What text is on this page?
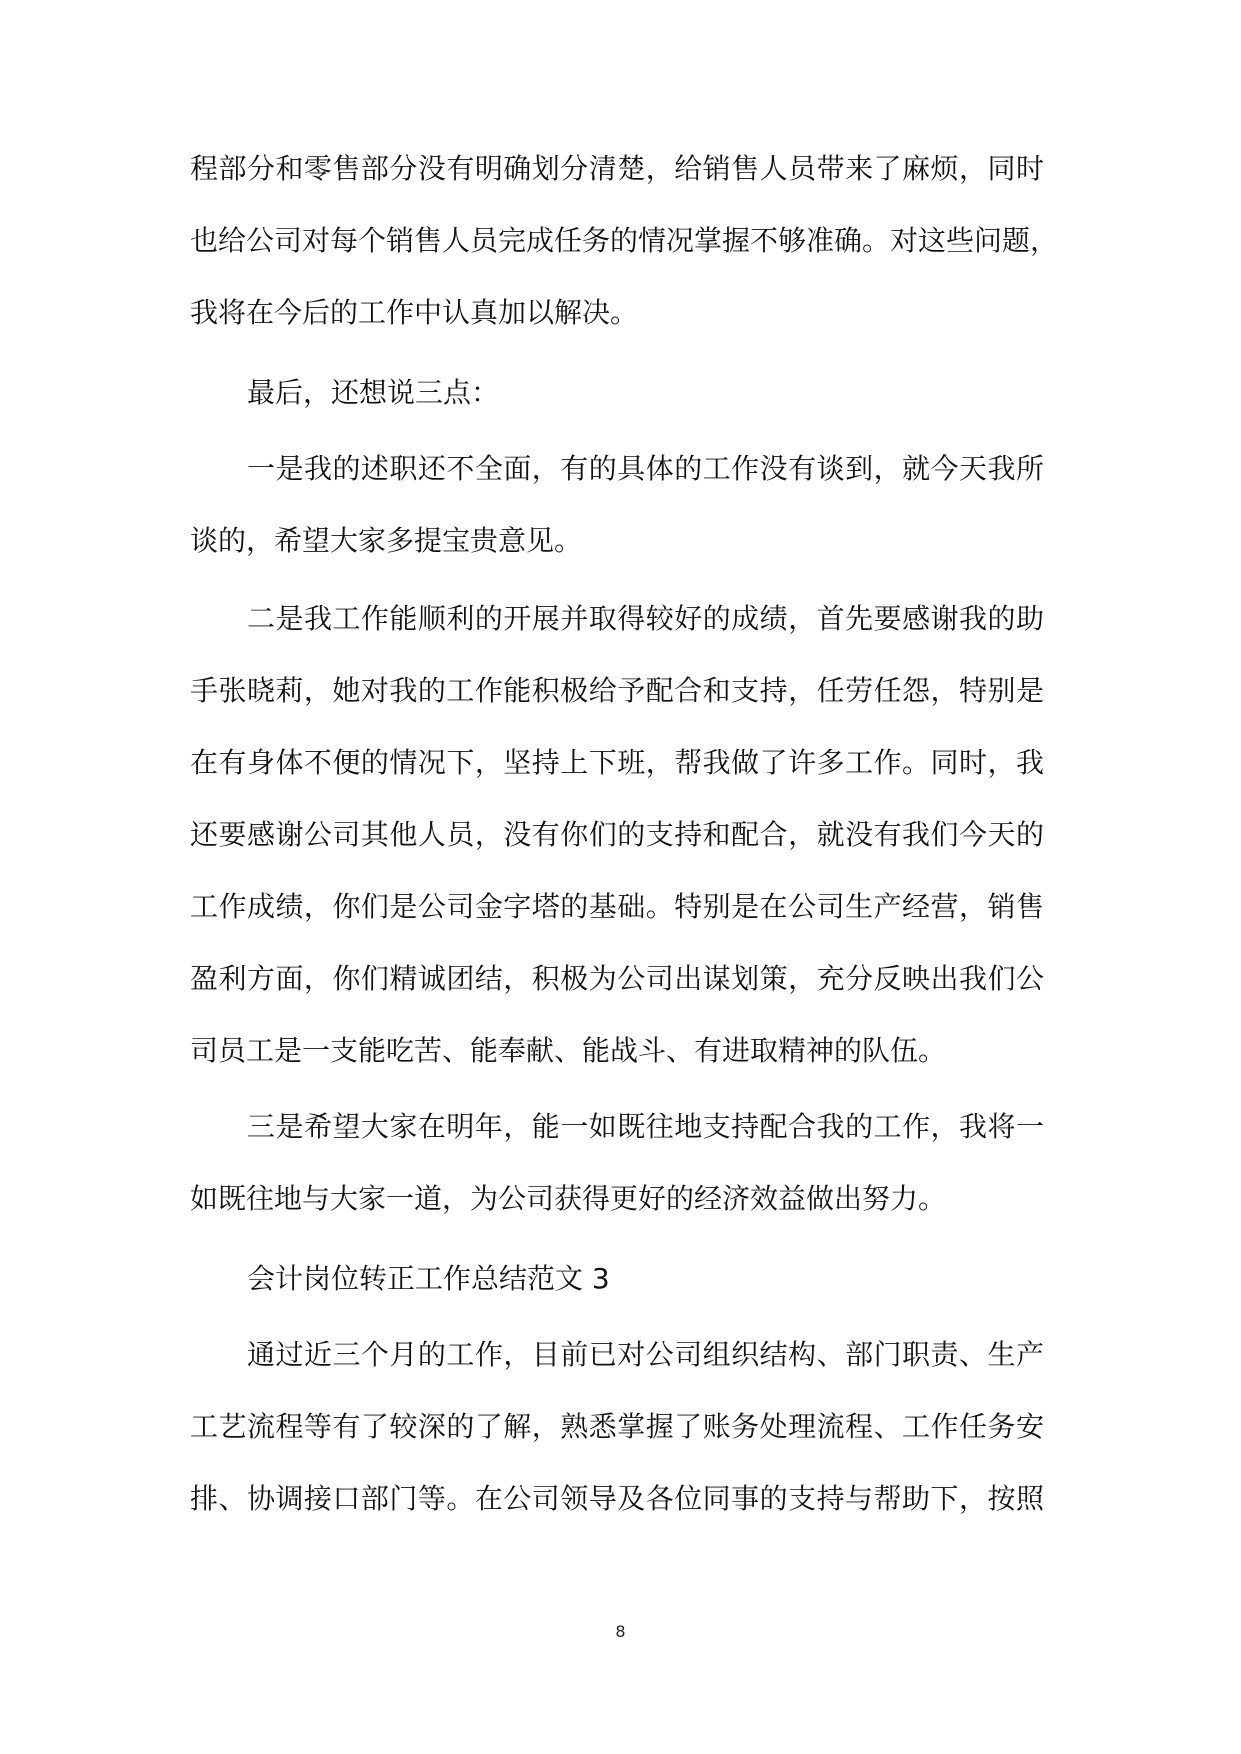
程部分和零售部分没有明确划分清楚，给销售人员带来了麻烦，同时
也给公司对每个销售人员完成任务的情况掌握不够准确。对这些问题，
我将在今后的工作中认真加以解决。
最后，还想说三点：
一是我的述职还不全面，有的具体的工作没有谈到，就今天我所
谈的，希望大家多提宝贵意见。
二是我工作能顺利的开展并取得较好的成绩，首先要感谢我的助
手张晓莉，她对我的工作能积极给予配合和支持，任劳任怨，特别是
在有身体不便的情况下，坚持上下班，帮我做了许多工作。同时，我
还要感谢公司其他人员，没有你们的支持和配合，就没有我们今天的
工作成绩，你们是公司金字塔的基础。特别是在公司生产经营，销售
盈利方面，你们精诚团结，积极为公司出谋划策，充分反映出我们公
司员工是一支能吃苦、能奉献、能战斗、有进取精神的队伍。
三是希望大家在明年，能一如既往地支持配合我的工作，我将一
如既往地与大家一道，为公司获得更好的经济效益做出努力。
会计岗位转正工作总结范文 3
通过近三个月的工作，目前已对公司组织结构、部门职责、生产
工艺流程等有了较深的了解，熟悉掌握了账务处理流程、工作任务安
排、协调接口部门等。在公司领导及各位同事的支持与帮助下，按照
8
